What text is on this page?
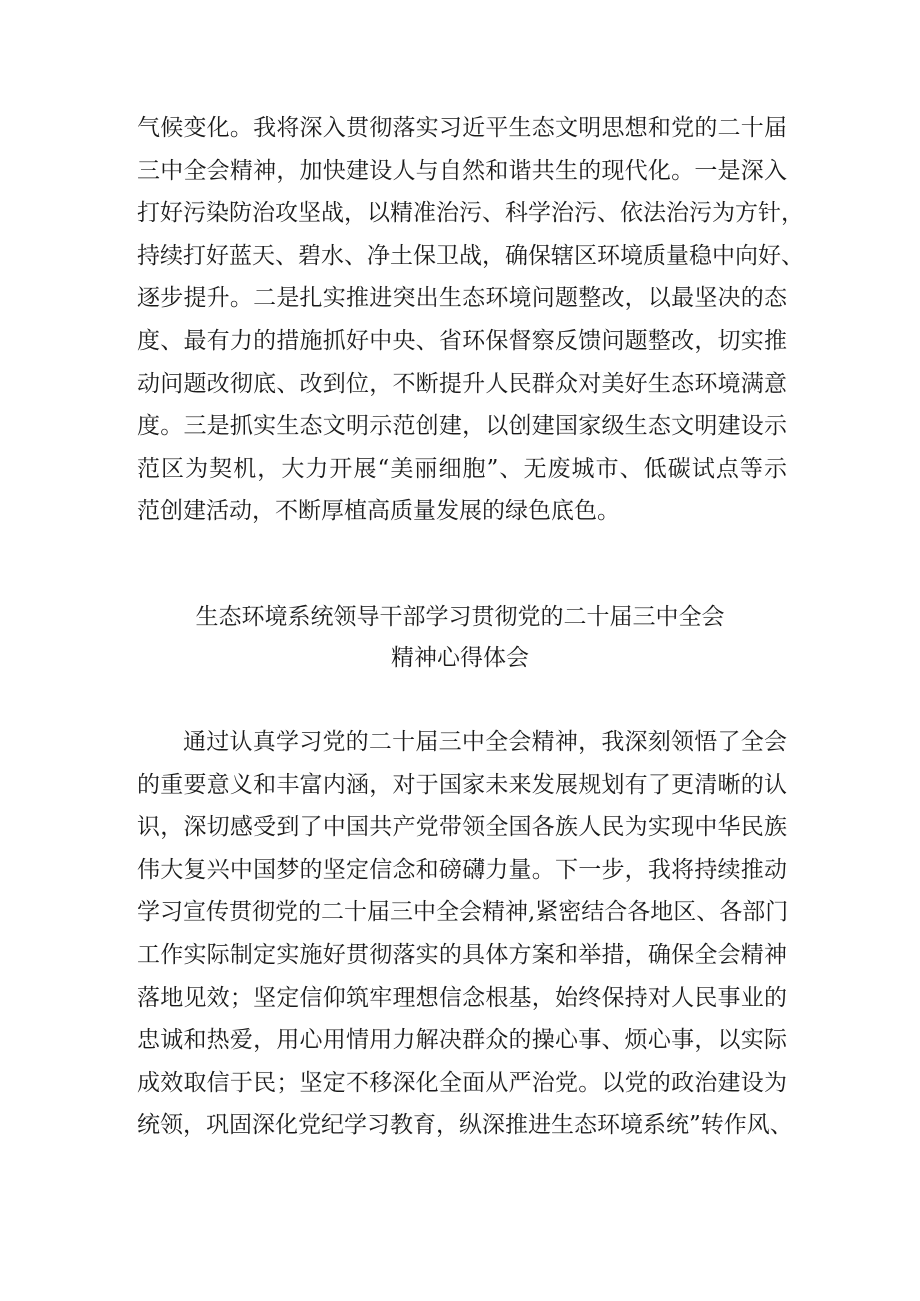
气候变化。我将深入贯彻落实习近平生态文明思想和党的二十届
三中全会精神，加快建设人与自然和谐共生的现代化。一是深入
打好污染防治攻坚战，以精准治污、科学治污、依法治污为方针，
持续打好蓝天、碧水、净土保卫战，确保辖区环境质量稳中向好、
逐步提升。二是扎实推进突出生态环境问题整改，以最坚决的态
度、最有力的措施抓好中央、省环保督察反馈问题整改，切实推
动问题改彻底、改到位，不断提升人民群众对美好生态环境满意
度。三是抓实生态文明示范创建，以创建国家级生态文明建设示
范区为契机，大力开展“美丽细胞”、无废城市、低碳试点等示
范创建活动，不断厚植高质量发展的绿色底色。
生态环境系统领导干部学习贯彻党的二十届三中全会
精神心得体会
通过认真学习党的二十届三中全会精神，我深刻领悟了全会
的重要意义和丰富内涵，对于国家未来发展规划有了更清晰的认
识，深切感受到了中国共产党带领全国各族人民为实现中华民族
伟大复兴中国梦的坚定信念和磅礴力量。下一步，我将持续推动
学习宣传贯彻党的二十届三中全会精神,紧密结合各地区、各部门
工作实际制定实施好贯彻落实的具体方案和举措，确保全会精神
落地见效；坚定信仰筑牢理想信念根基，始终保持对人民事业的
忠诚和热爱，用心用情用力解决群众的操心事、烦心事，以实际
成效取信于民；坚定不移深化全面从严治党。以党的政治建设为
统领，巩固深化党纪学习教育，纵深推进生态环境系统”转作风、
